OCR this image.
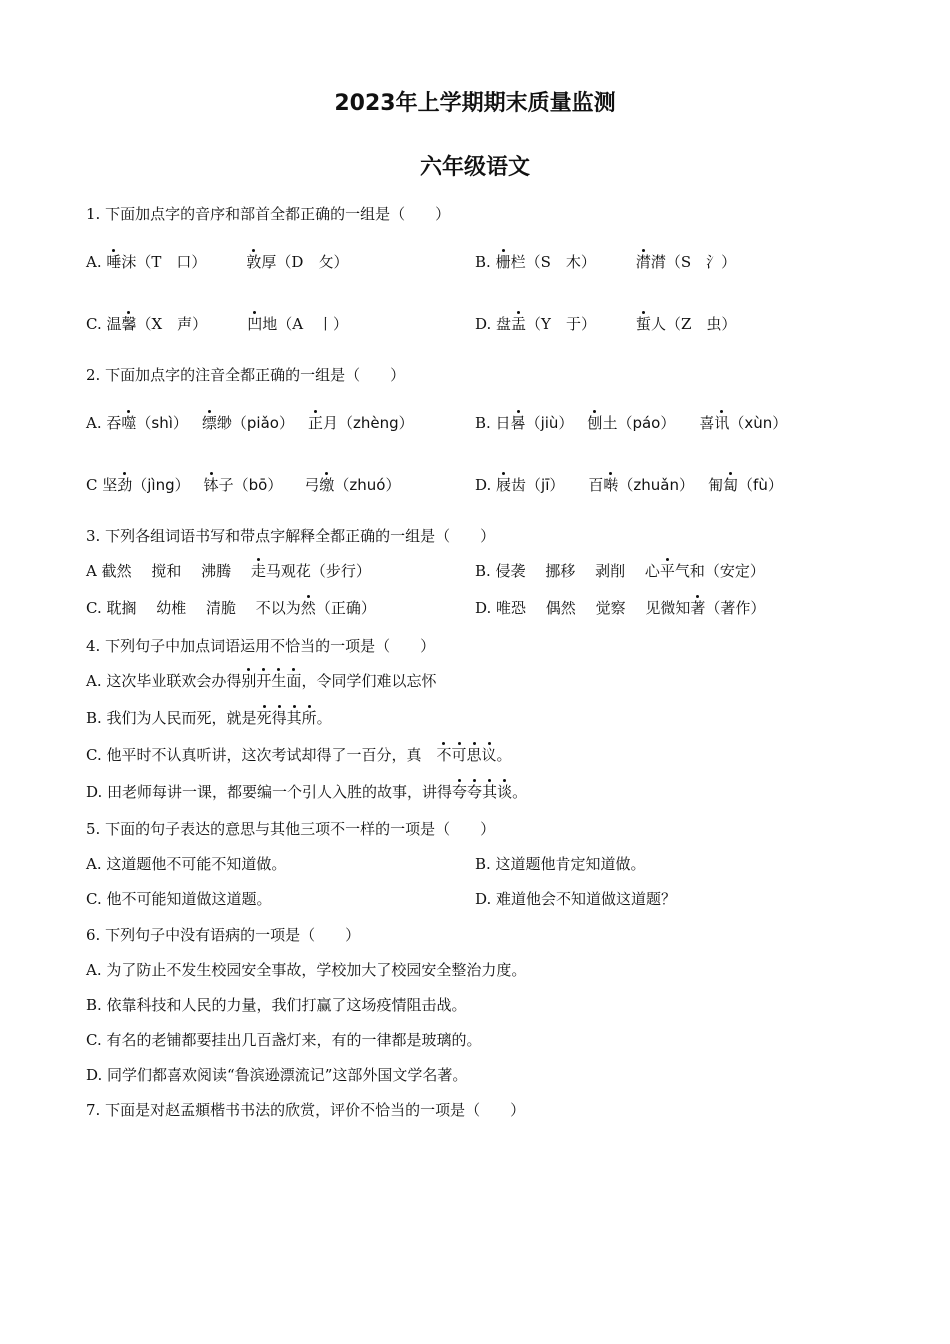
2023年上学期期末质量监测
六年级语文
1. 下面加点字的音序和部首全都正确的一组是（　　）
A. 唾沫（T　口）	敦厚（D　攵）	B. 栅栏（S　木）	潸潸（S　氵）
C. 温馨（X　声）	凹地（A　丨）	D. 盘盂（Y　于）	蜇人（Z　虫）
2. 下面加点字的注音全都正确的一组是（　　）
A. 吞噬（shì） 缥缈（piǎo） 正月（zhèng）	B. 日晷（jiù） 刨土（páo） 喜讯（xùn）
C 坚劲（jìng） 钵子（bō） 弓缴（zhuó）	D. 屐齿（jī） 百啭（zhuǎn） 匍匐（fù）
3. 下列各组词语书写和带点字解释全都正确的一组是（　　）
A 截然　 搅和　 沸腾　 走马观花（步行）	B. 侵袭　 挪移　 剥削　 心平气和（安定）
C. 耽搁　 幼椎　 清脆　 不以为然（正确）	D. 唯恐　 偶然　 觉察　 见微知著（著作）
4. 下列句子中加点词语运用不恰当的一项是（　　）
A. 这次毕业联欢会办得别开生面，令同学们难以忘怀
B. 我们为人民而死，就是死得其所。
C. 他平时不认真听讲，这次考试却得了一百分，真　不可思议。
D. 田老师每讲一课，都要编一个引人入胜的故事，讲得夸夸其谈。
5. 下面的句子表达的意思与其他三项不一样的一项是（　　）
A. 这道题他不可能不知道做。	B. 这道题他肯定知道做。
C. 他不可能知道做这道题。	D. 难道他会不知道做这道题？
6. 下列句子中没有语病的一项是（　　）
A. 为了防止不发生校园安全事故，学校加大了校园安全整治力度。
B. 依靠科技和人民的力量，我们打赢了这场疫情阻击战。
C. 有名的老铺都要挂出几百盏灯来，有的一律都是玻璃的。
D. 同学们都喜欢阅读“鲁滨逊漂流记”这部外国文学名著。
7. 下面是对赵孟頫楷书书法的欣赏，评价不恰当的一项是（　　）
